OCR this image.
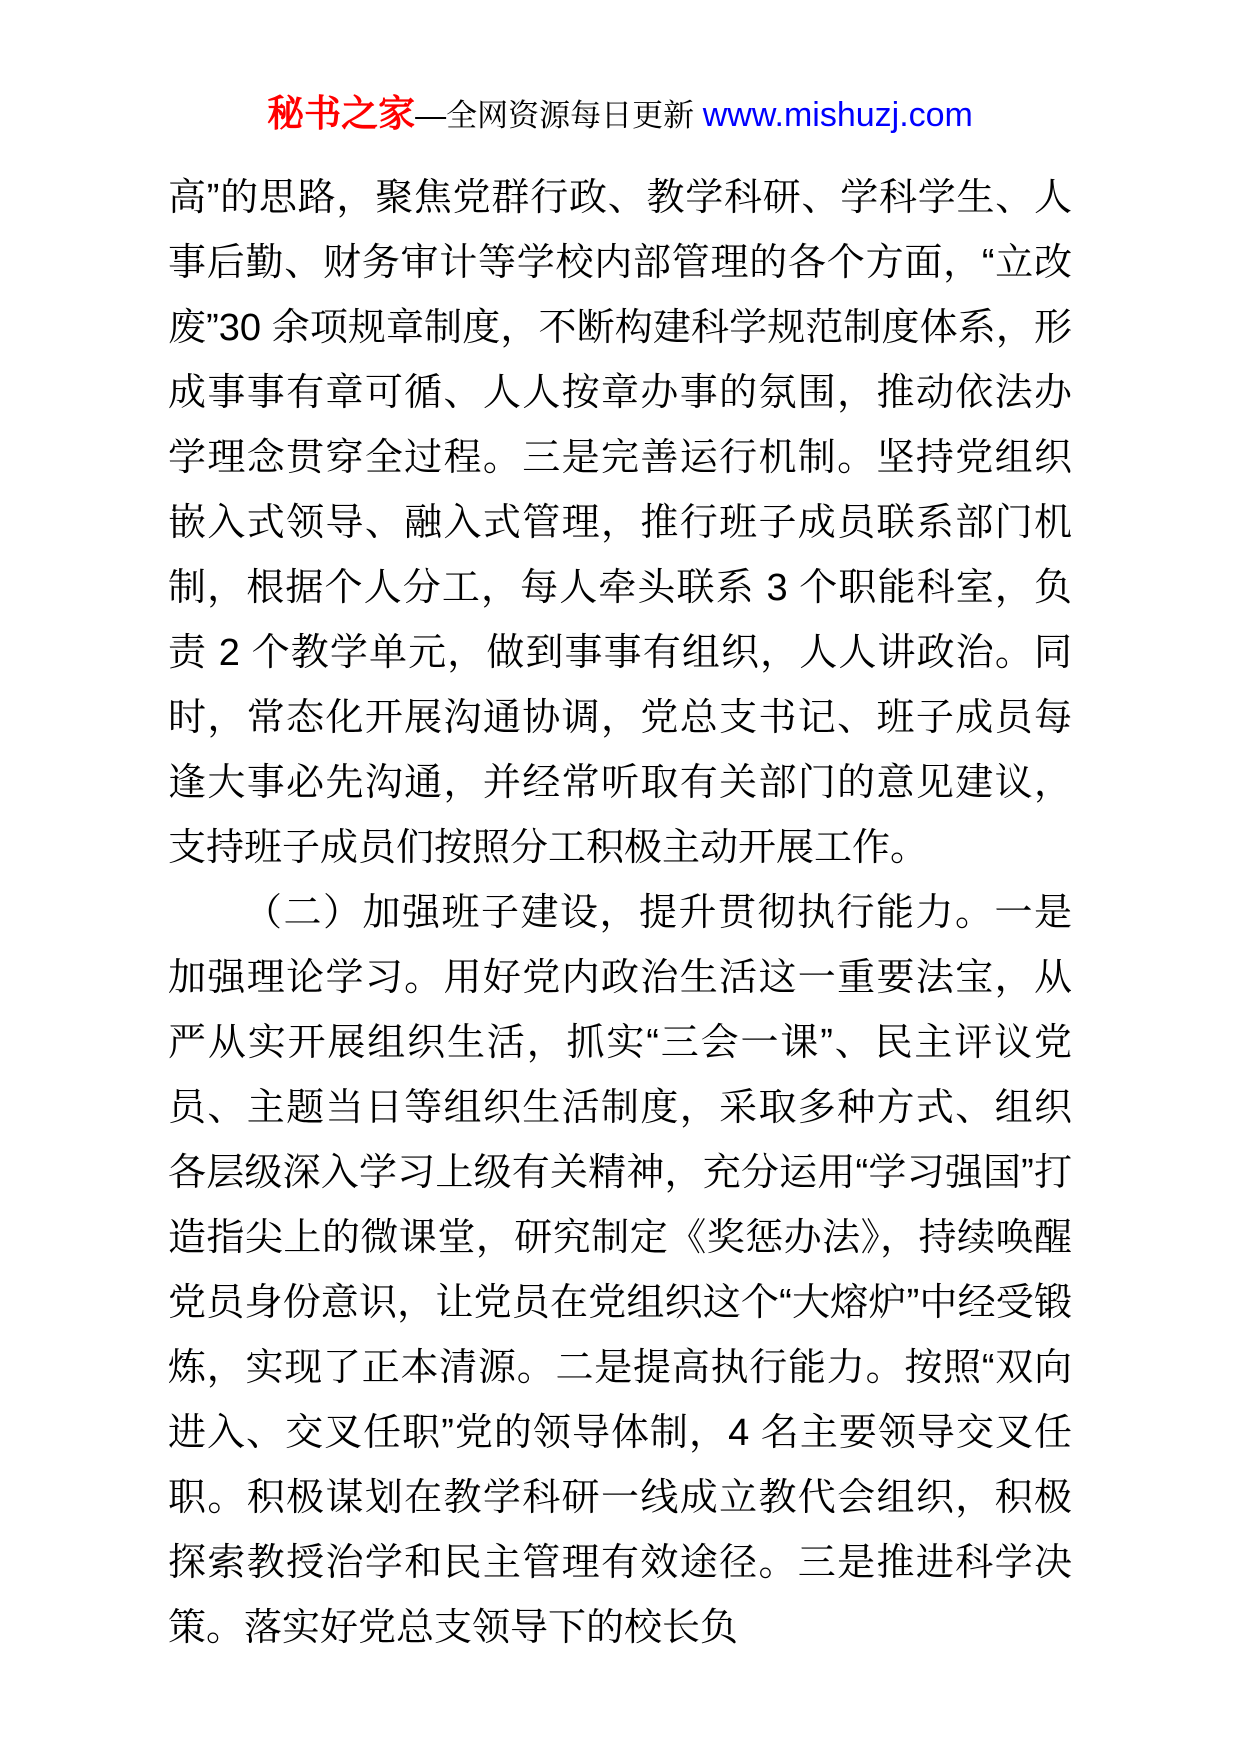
秘书之家—全网资源每日更新 www.mishuzj.com

高”的思路，聚焦党群行政、教学科研、学科学生、人事后勤、财务审计等学校内部管理的各个方面，“立改废”30 余项规章制度，不断构建科学规范制度体系，形成事事有章可循、人人按章办事的氛围，推动依法办学理念贯穿全过程。三是完善运行机制。坚持党组织嵌入式领导、融入式管理，推行班子成员联系部门机制，根据个人分工，每人牵头联系 3 个职能科室，负责 2 个教学单元，做到事事有组织，人人讲政治。同时，常态化开展沟通协调，党总支书记、班子成员每逢大事必先沟通，并经常听取有关部门的意见建议，支持班子成员们按照分工积极主动开展工作。

（二）加强班子建设，提升贯彻执行能力。一是加强理论学习。用好党内政治生活这一重要法宝，从严从实开展组织生活，抓实“三会一课”、民主评议党员、主题当日等组织生活制度，采取多种方式、组织各层级深入学习上级有关精神，充分运用“学习强国”打造指尖上的微课堂，研究制定《奖惩办法》，持续唤醒党员身份意识，让党员在党组织这个“大熔炉”中经受锻炼，实现了正本清源。二是提高执行能力。按照“双向进入、交叉任职”党的领导体制，4 名主要领导交叉任职。积极谋划在教学科研一线成立教代会组织，积极探索教授治学和民主管理有效途径。三是推进科学决策。落实好党总支领导下的校长负
